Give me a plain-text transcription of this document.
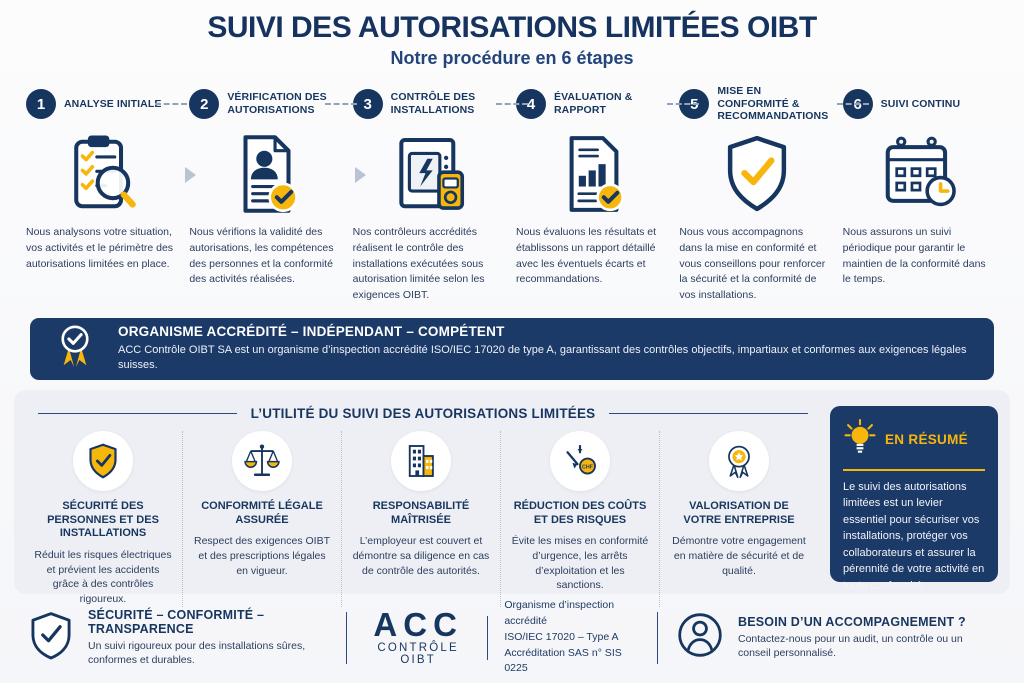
SUIVI DES AUTORISATIONS LIMITÉES OIBT
Notre procédure en 6 étapes
1	ANALYSE INITIALE
Nous analysons votre situation, vos activités et le périmètre des autorisations limitées en place.
2	VÉRIFICATION DES AUTORISATIONS
Nous vérifions la validité des autorisations, les compétences des personnes et la conformité des activités réalisées.
3	CONTRÔLE DES INSTALLATIONS
Nos contrôleurs accrédités réalisent le contrôle des installations exécutées sous autorisation limitée selon les exigences OIBT.
4	ÉVALUATION & RAPPORT
Nous évaluons les résultats et établissons un rapport détaillé avec les éventuels écarts et recommandations.
5
MISE EN CONFORMITÉ & RECOMMANDATIONS
Nous vous accompagnons dans la mise en conformité et vous conseillons pour renforcer la sécurité et la conformité de vos installations.
6	SUIVI CONTINU
Nous assurons un suivi périodique pour garantir le maintien de la conformité dans le temps.
ORGANISME ACCRÉDITÉ – INDÉPENDANT – COMPÉTENT

ACC Contrôle OIBT SA est un organisme d’inspection accrédité ISO/IEC 17020 de type A, garantissant des contrôles objectifs, impartiaux et conformes aux exigences légales suisses.

L’UTILITÉ DU SUIVI DES AUTORISATIONS LIMITÉES
SÉCURITÉ DES PERSONNES ET DES INSTALLATIONS

Réduit les risques électriques et prévient les accidents grâce à des contrôles rigoureux.

CONFORMITÉ LÉGALE ASSURÉE

Respect des exigences OIBT et des prescriptions légales en vigueur.

RESPONSABILITÉ MAÎTRISÉE

L’employeur est couvert et démontre sa diligence en cas de contrôle des autorités.

CHF
RÉDUCTION DES COÛTS ET DES RISQUES

Évite les mises en conformité d’urgence, les arrêts d’exploitation et les sanctions.

VALORISATION DE VOTRE ENTREPRISE

Démontre votre engagement en matière de sécurité et de qualité.

EN RÉSUMÉ

Le suivi des autorisations limitées est un levier essentiel pour sécuriser vos installations, protéger vos collaborateurs et assurer la pérennité de votre activité en toute conformité.

SÉCURITÉ – CONFORMITÉ – TRANSPARENCE

Un suivi rigoureux pour des installations sûres, conformes et durables.

ACC
CONTRÔLE OIBT
Organisme d’inspection accrédité
ISO/IEC 17020 – Type A
Accréditation SAS n° SIS 0225
BESOIN D’UN ACCOMPAGNEMENT ?

Contactez-nous pour un audit, un contrôle ou un conseil personnalisé.
